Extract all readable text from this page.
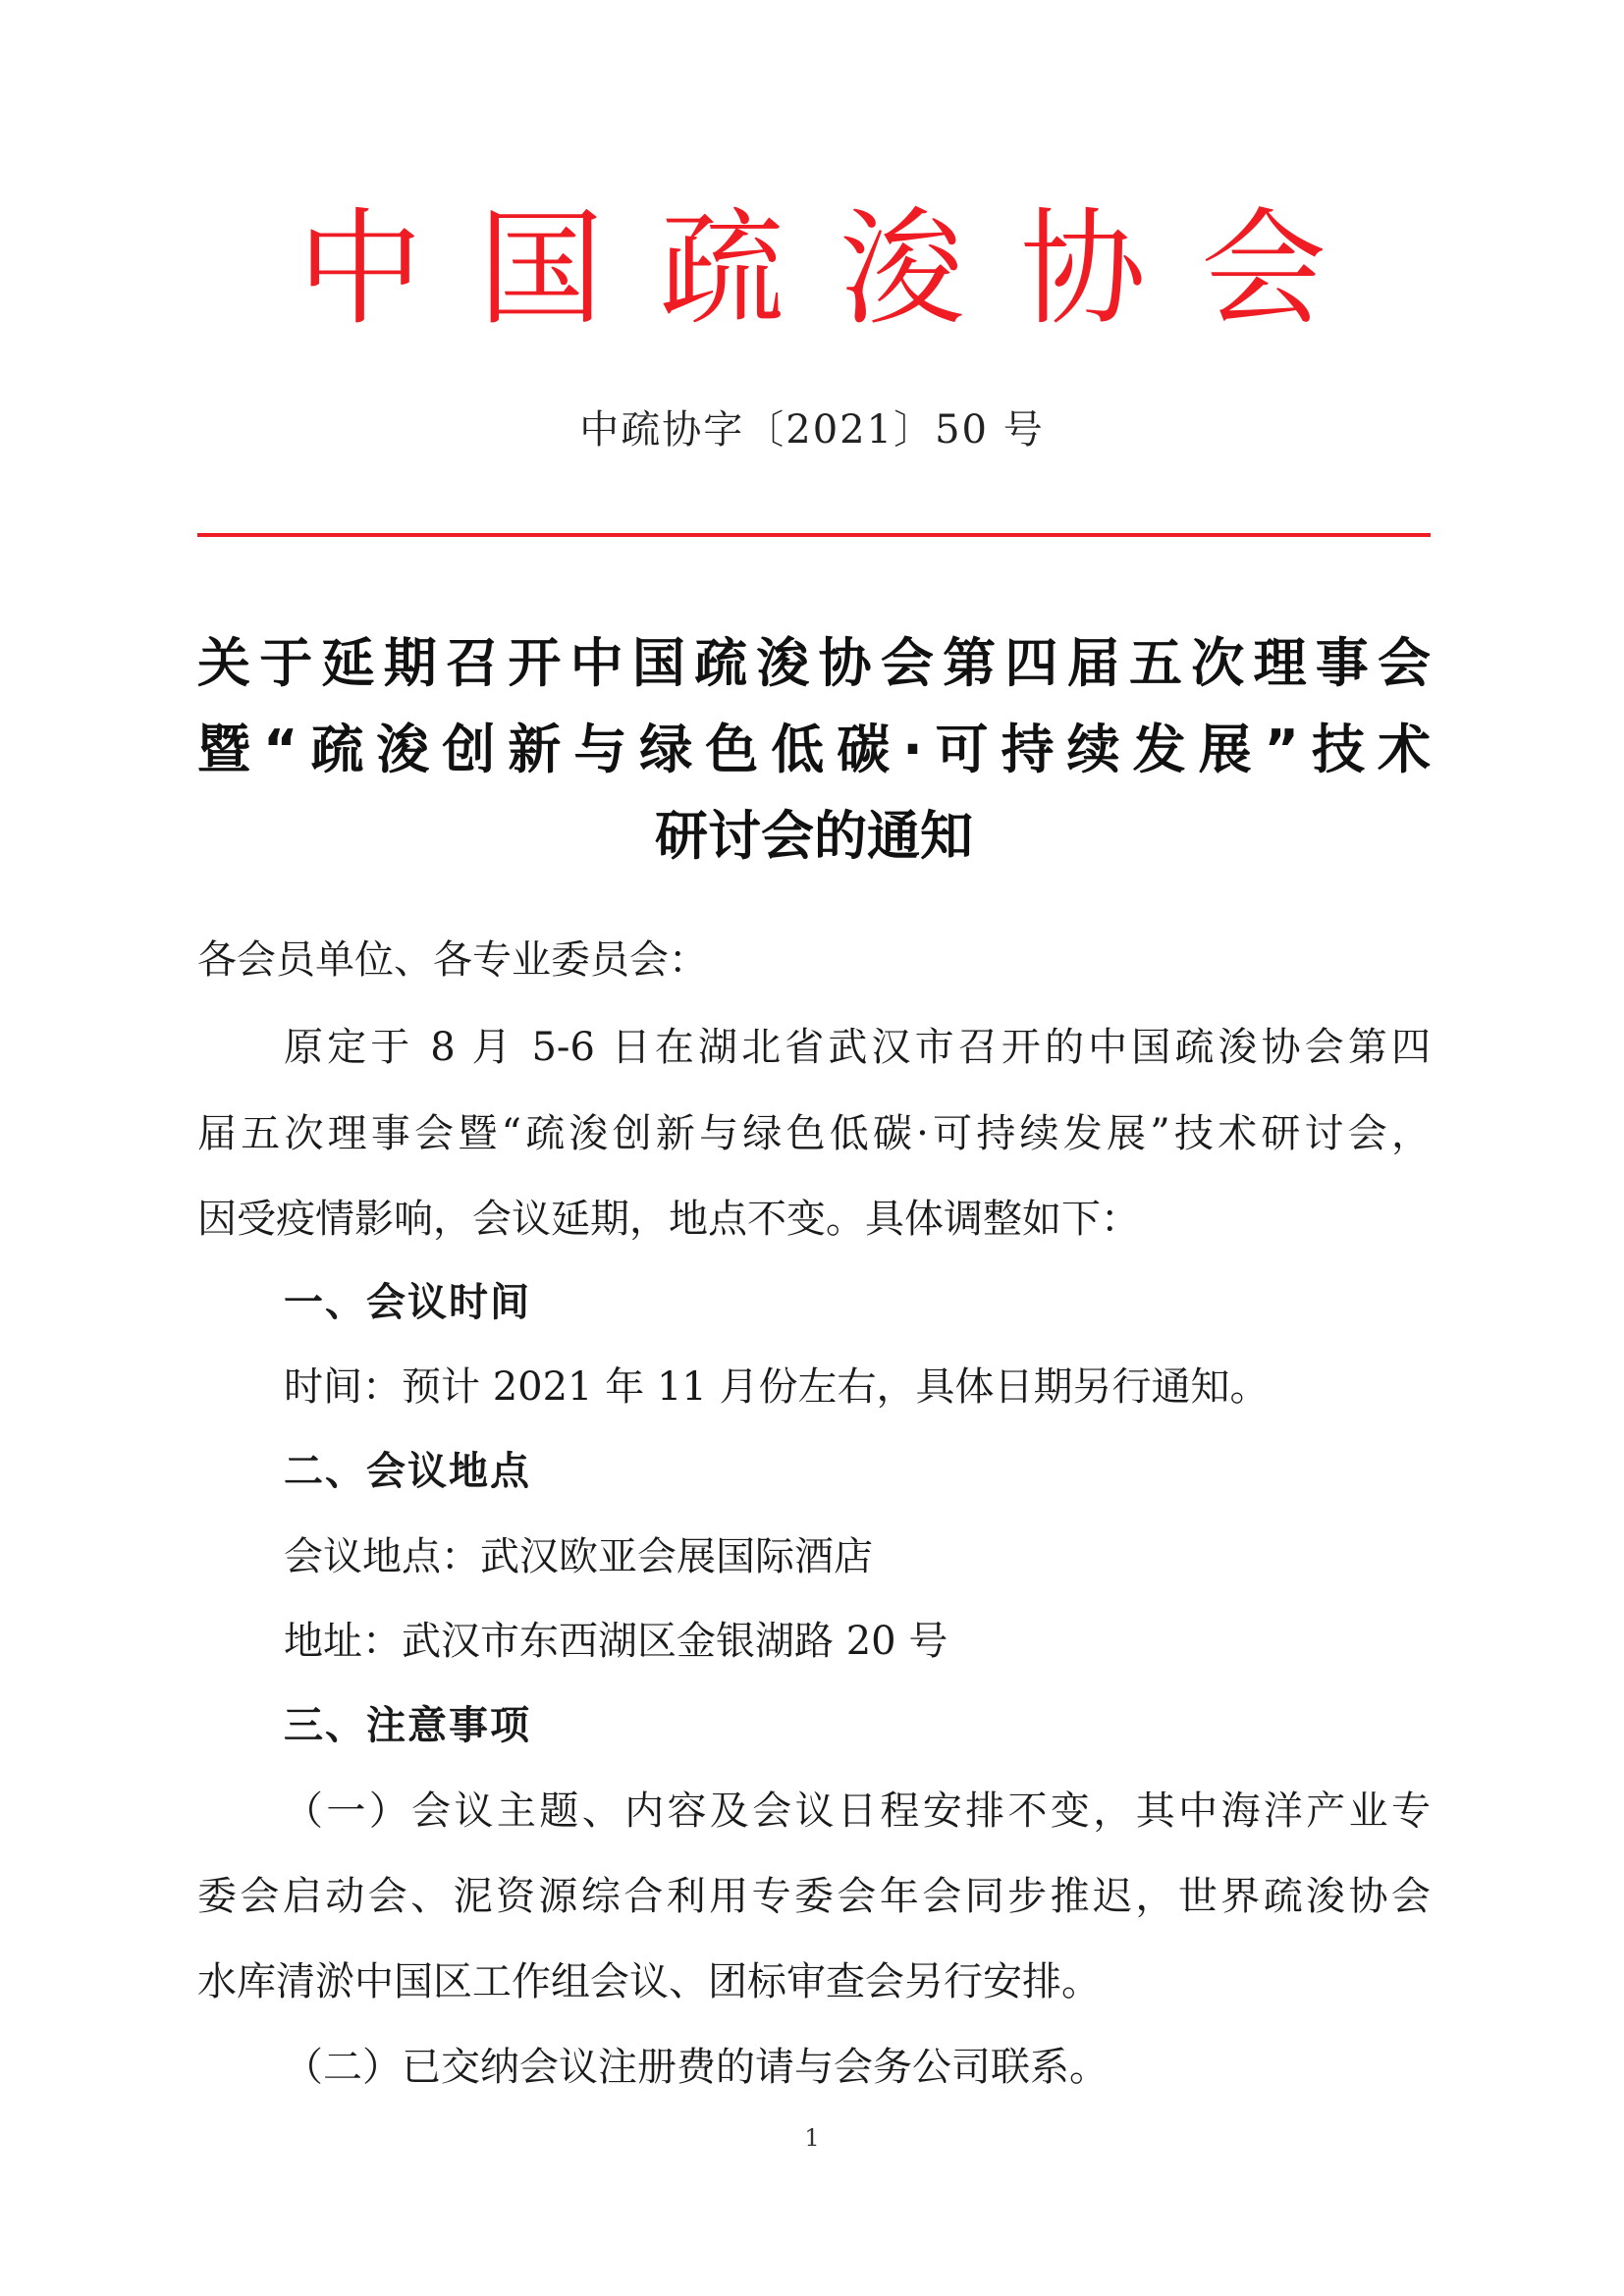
中国疏浚协会
中疏协字〔2021〕50 号
关于延期召开中国疏浚协会第四届五次理事会
暨“疏浚创新与绿色低碳·可持续发展”技术
研讨会的通知

各会员单位、各专业委员会：

原定于 8 月 5-6 日在湖北省武汉市召开的中国疏浚协会第四

届五次理事会暨“疏浚创新与绿色低碳·可持续发展”技术研讨会，

因受疫情影响，会议延期，地点不变。具体调整如下：

一、会议时间

时间：预计 2021 年 11 月份左右，具体日期另行通知。

二、会议地点

会议地点：武汉欧亚会展国际酒店

地址：武汉市东西湖区金银湖路 20 号

三、注意事项

（一）会议主题、内容及会议日程安排不变，其中海洋产业专

委会启动会、泥资源综合利用专委会年会同步推迟，世界疏浚协会

水库清淤中国区工作组会议、团标审查会另行安排。

（二）已交纳会议注册费的请与会务公司联系。

1
